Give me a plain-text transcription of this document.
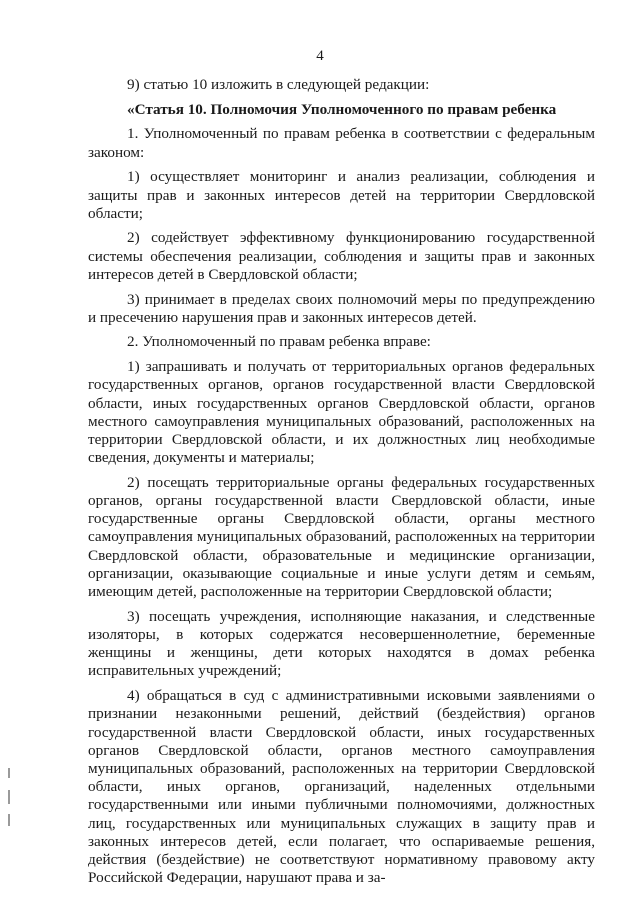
4

9) статью 10 изложить в следующей редакции:

«Статья 10. Полномочия Уполномоченного по правам ребенка

1. Уполномоченный по правам ребенка в соответствии с федеральным законом:

1) осуществляет мониторинг и анализ реализации, соблюдения и защиты прав и законных интересов детей на территории Свердловской области;

2) содействует эффективному функционированию государственной системы обеспечения реализации, соблюдения и защиты прав и законных интересов детей в Свердловской области;

3) принимает в пределах своих полномочий меры по предупреждению и пресечению нарушения прав и законных интересов детей.

2. Уполномоченный по правам ребенка вправе:

1) запрашивать и получать от территориальных органов федеральных государственных органов, органов государственной власти Свердловской области, иных государственных органов Свердловской области, органов местного самоуправления муниципальных образований, расположенных на территории Свердловской области, и их должностных лиц необходимые сведения, документы и материалы;

2) посещать территориальные органы федеральных государственных органов, органы государственной власти Свердловской области, иные государственные органы Свердловской области, органы местного самоуправления муниципальных образований, расположенных на территории Свердловской области, образовательные и медицинские организации, организации, оказывающие социальные и иные услуги детям и семьям, имеющим детей, расположенные на территории Свердловской области;

3) посещать учреждения, исполняющие наказания, и следственные изоляторы, в которых содержатся несовершеннолетние, беременные женщины и женщины, дети которых находятся в домах ребенка исправительных учреждений;

4) обращаться в суд с административными исковыми заявлениями о признании незаконными решений, действий (бездействия) органов государственной власти Свердловской области, иных государственных органов Свердловской области, органов местного самоуправления муниципальных образований, расположенных на территории Свердловской области, иных органов, организаций, наделенных отдельными государственными или иными публичными полномочиями, должностных лиц, государственных или муниципальных служащих в защиту прав и законных интересов детей, если полагает, что оспариваемые решения, действия (бездействие) не соответствуют нормативному правовому акту Российской Федерации, нарушают права и за-
